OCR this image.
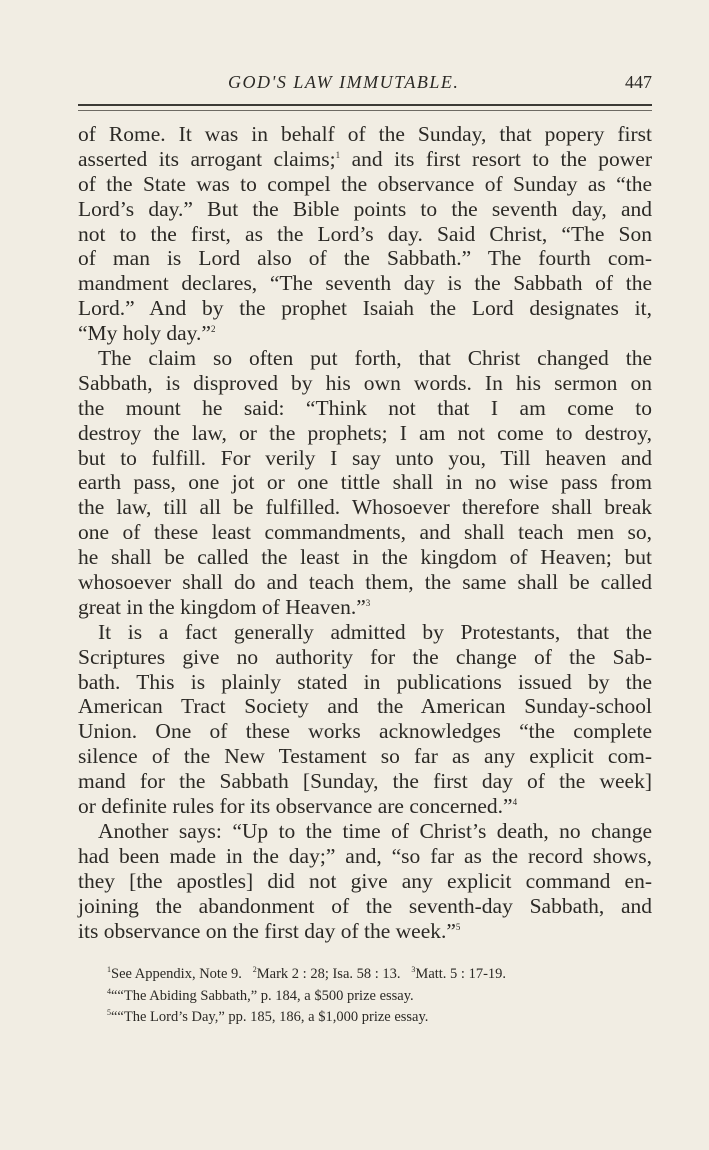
GOD'S LAW IMMUTABLE.	447
of Rome. It was in behalf of the Sunday, that popery first
asserted its arrogant claims;$^1$ and its first resort to the power
of the State was to compel the observance of Sunday as “the
Lord’s day.” But the Bible points to the seventh day, and
not to the first, as the Lord’s day. Said Christ, “The Son
of man is Lord also of the Sabbath.” The fourth com-
mandment declares, “The seventh day is the Sabbath of the
Lord.” And by the prophet Isaiah the Lord designates it,
“My holy day.”$^2$
The claim so often put forth, that Christ changed the
Sabbath, is disproved by his own words. In his sermon on
the mount he said: “Think not that I am come to
destroy the law, or the prophets; I am not come to destroy,
but to fulfill. For verily I say unto you, Till heaven and
earth pass, one jot or one tittle shall in no wise pass from
the law, till all be fulfilled. Whosoever therefore shall break
one of these least commandments, and shall teach men so,
he shall be called the least in the kingdom of Heaven; but
whosoever shall do and teach them, the same shall be called
great in the kingdom of Heaven.”$^3$
It is a fact generally admitted by Protestants, that the
Scriptures give no authority for the change of the Sab-
bath. This is plainly stated in publications issued by the
American Tract Society and the American Sunday-school
Union. One of these works acknowledges “the complete
silence of the New Testament so far as any explicit com-
mand for the Sabbath [Sunday, the first day of the week]
or definite rules for its observance are concerned.”$^4$
Another says: “Up to the time of Christ’s death, no change
had been made in the day;” and, “so far as the record shows,
they [the apostles] did not give any explicit command en-
joining the abandonment of the seventh-day Sabbath, and
its observance on the first day of the week.”$^5$
$^1$See Appendix, Note 9. $^2$Mark 2 : 28; Isa. 58 : 13. $^3$Matt. 5 : 17-19.
$^4$““The Abiding Sabbath,” p. 184, a $500 prize essay.
$^5$““The Lord’s Day,” pp. 185, 186, a $1,000 prize essay.
